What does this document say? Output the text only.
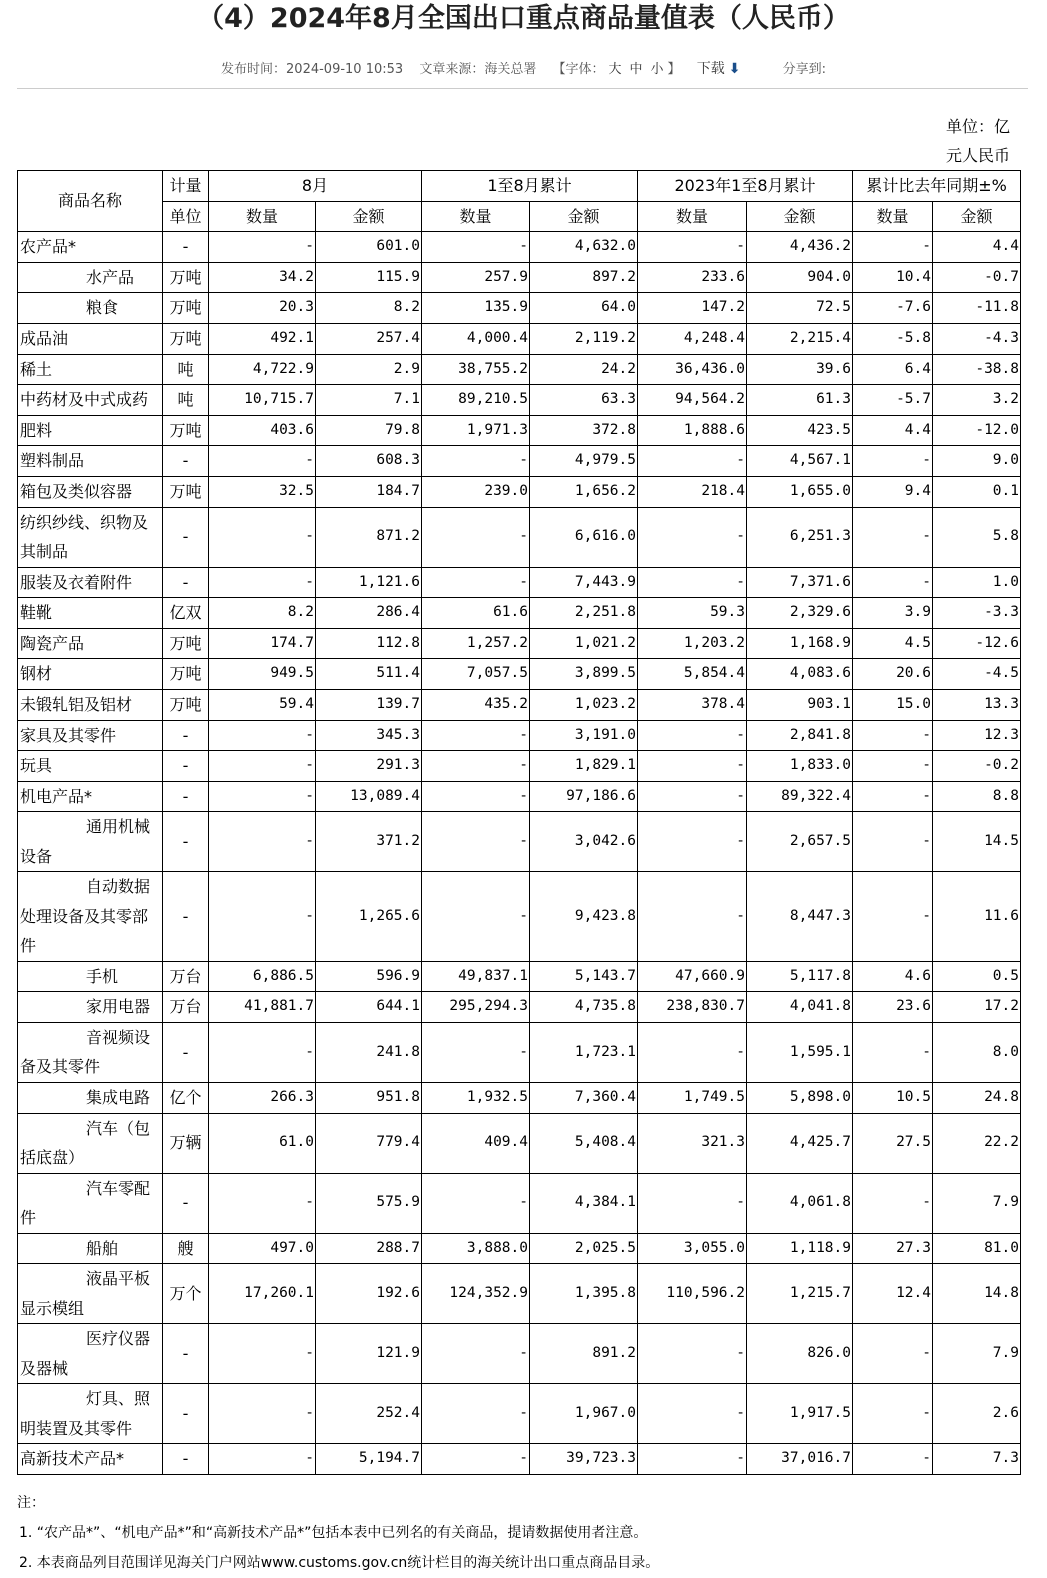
（4）2024年8月全国出口重点商品量值表（人民币）
发布时间：2024-09-10 10:53 文章来源：海关总署 【字体： 大 中 小 】 下载 ⬇	分享到:
单位：亿
元人民币
商品名称	计量	8月		1至8月累计		2023年1至8月累计		累计比去年同期±%	
	单位	数量	金额	数量	金额	数量	金额	数量	金额
农产品*	-	-	601.0	-	4,632.0	-	4,436.2	-	4.4
水产品	万吨	34.2	115.9	257.9	897.2	233.6	904.0	10.4	-0.7
粮食	万吨	20.3	8.2	135.9	64.0	147.2	72.5	-7.6	-11.8
成品油	万吨	492.1	257.4	4,000.4	2,119.2	4,248.4	2,215.4	-5.8	-4.3
稀土	吨	4,722.9	2.9	38,755.2	24.2	36,436.0	39.6	6.4	-38.8
中药材及中式成药	吨	10,715.7	7.1	89,210.5	63.3	94,564.2	61.3	-5.7	3.2
肥料	万吨	403.6	79.8	1,971.3	372.8	1,888.6	423.5	4.4	-12.0
塑料制品	-	-	608.3	-	4,979.5	-	4,567.1	-	9.0
箱包及类似容器	万吨	32.5	184.7	239.0	1,656.2	218.4	1,655.0	9.4	0.1
纺织纱线、织物及其制品	-	-	871.2	-	6,616.0	-	6,251.3	-	5.8
服装及衣着附件	-	-	1,121.6	-	7,443.9	-	7,371.6	-	1.0
鞋靴	亿双	8.2	286.4	61.6	2,251.8	59.3	2,329.6	3.9	-3.3
陶瓷产品	万吨	174.7	112.8	1,257.2	1,021.2	1,203.2	1,168.9	4.5	-12.6
钢材	万吨	949.5	511.4	7,057.5	3,899.5	5,854.4	4,083.6	20.6	-4.5
未锻轧铝及铝材	万吨	59.4	139.7	435.2	1,023.2	378.4	903.1	15.0	13.3
家具及其零件	-	-	345.3	-	3,191.0	-	2,841.8	-	12.3
玩具	-	-	291.3	-	1,829.1	-	1,833.0	-	-0.2
机电产品*	-	-	13,089.4	-	97,186.6	-	89,322.4	-	8.8
通用机械设备	-	-	371.2	-	3,042.6	-	2,657.5	-	14.5
自动数据处理设备及其零部件	-	-	1,265.6	-	9,423.8	-	8,447.3	-	11.6
手机	万台	6,886.5	596.9	49,837.1	5,143.7	47,660.9	5,117.8	4.6	0.5
家用电器	万台	41,881.7	644.1	295,294.3	4,735.8	238,830.7	4,041.8	23.6	17.2
音视频设备及其零件	-	-	241.8	-	1,723.1	-	1,595.1	-	8.0
集成电路	亿个	266.3	951.8	1,932.5	7,360.4	1,749.5	5,898.0	10.5	24.8
汽车（包括底盘）	万辆	61.0	779.4	409.4	5,408.4	321.3	4,425.7	27.5	22.2
汽车零配件	-	-	575.9	-	4,384.1	-	4,061.8	-	7.9
船舶	艘	497.0	288.7	3,888.0	2,025.5	3,055.0	1,118.9	27.3	81.0
液晶平板显示模组	万个	17,260.1	192.6	124,352.9	1,395.8	110,596.2	1,215.7	12.4	14.8
医疗仪器及器械	-	-	121.9	-	891.2	-	826.0	-	7.9
灯具、照明装置及其零件	-	-	252.4	-	1,967.0	-	1,917.5	-	2.6
高新技术产品*	-	-	5,194.7	-	39,723.3	-	37,016.7	-	7.3
注：
1. “农产品*”、“机电产品*”和“高新技术产品*”包括本表中已列名的有关商品，提请数据使用者注意。
2. 本表商品列目范围详见海关门户网站www.customs.gov.cn统计栏目的海关统计出口重点商品目录。
